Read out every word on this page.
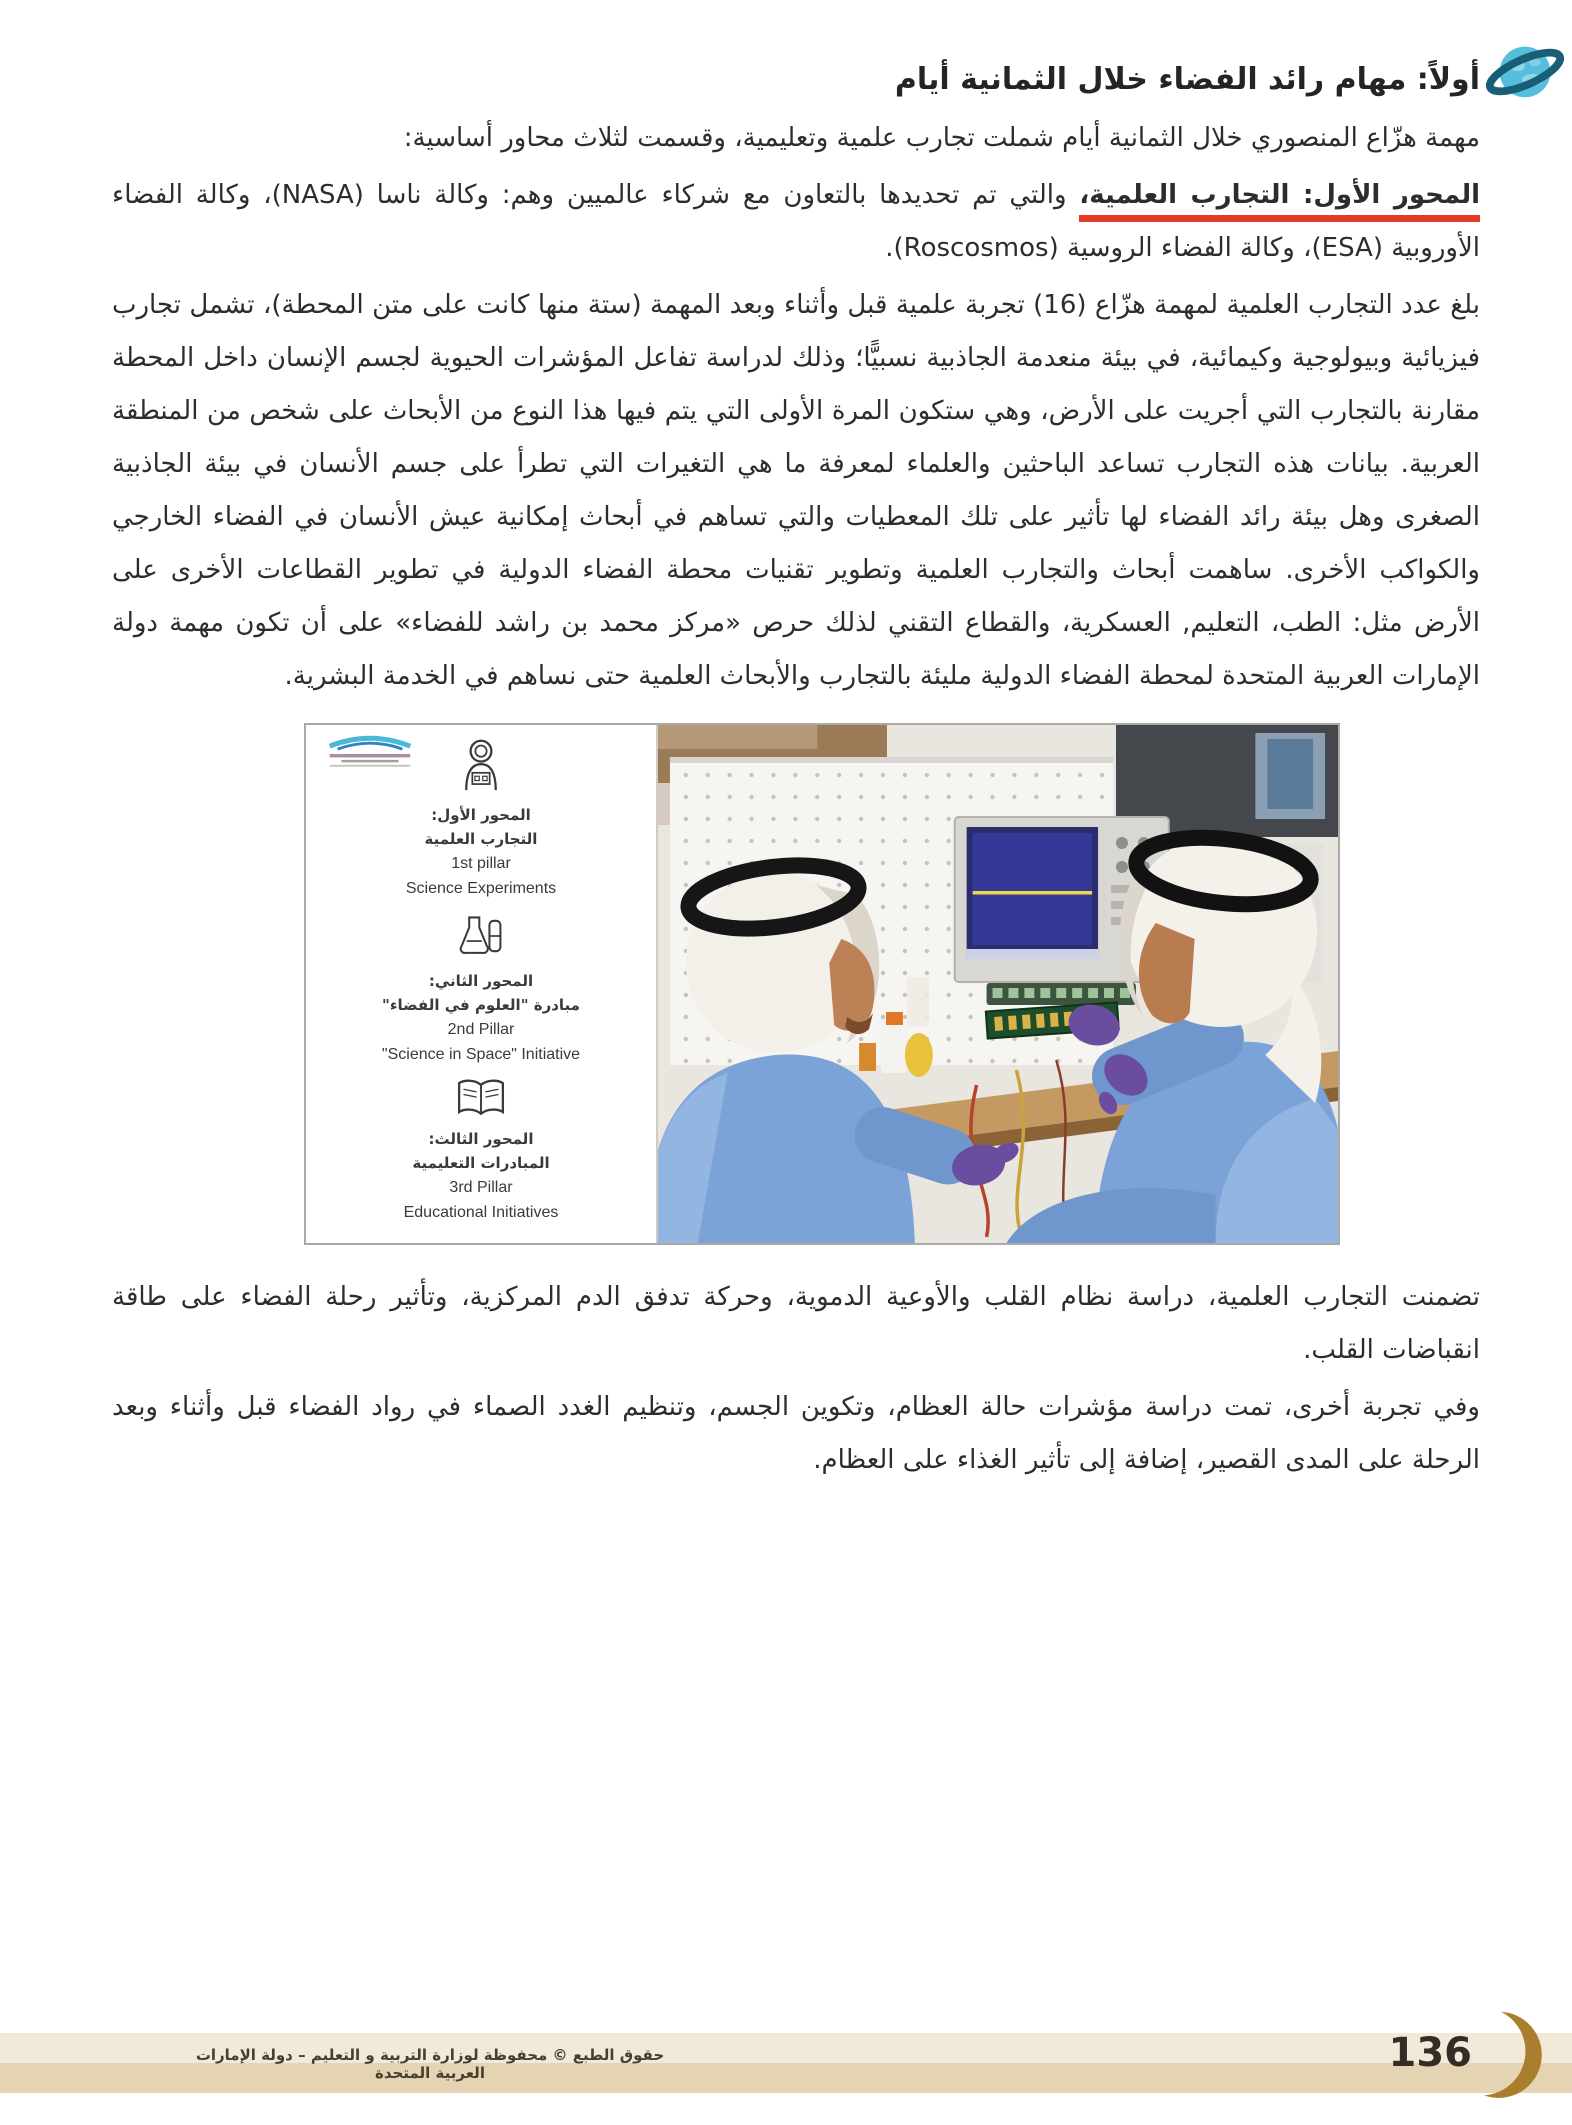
أولاً: مهام رائد الفضاء خلال الثمانية أيام

مهمة هزّاع المنصوري خلال الثمانية أيام شملت تجارب علمية وتعليمية، وقسمت لثلاث محاور أساسية:

المحور الأول: التجارب العلمية، والتي تم تحديدها بالتعاون مع شركاء عالميين وهم: وكالة ناسا (NASA)، وكالة الفضاء الأوروبية (ESA)، وكالة الفضاء الروسية (Roscosmos).

بلغ عدد التجارب العلمية لمهمة هزّاع (16) تجربة علمية قبل وأثناء وبعد المهمة (ستة منها كانت على متن المحطة)، تشمل تجارب فيزيائية وبيولوجية وكيمائية، في بيئة منعدمة الجاذبية نسبيًّا؛ وذلك لدراسة تفاعل المؤشرات الحيوية لجسم الإنسان داخل المحطة مقارنة بالتجارب التي أجريت على الأرض، وهي ستكون المرة الأولى التي يتم فيها هذا النوع من الأبحاث على شخص من المنطقة العربية. بيانات هذه التجارب تساعد الباحثين والعلماء لمعرفة ما هي التغيرات التي تطرأ على جسم الأنسان في بيئة الجاذبية الصغرى وهل بيئة رائد الفضاء لها تأثير على تلك المعطيات والتي تساهم في أبحاث إمكانية عيش الأنسان في الفضاء الخارجي والكواكب الأخرى. ساهمت أبحاث والتجارب العلمية وتطوير تقنيات محطة الفضاء الدولية في تطوير القطاعات الأخرى على الأرض مثل: الطب، التعليم, العسكرية، والقطاع التقني لذلك حرص «مركز محمد بن راشد للفضاء» على أن تكون مهمة دولة الإمارات العربية المتحدة لمحطة الفضاء الدولية مليئة بالتجارب والأبحاث العلمية حتى نساهم في الخدمة البشرية.

المحور الأول:
التجارب العلمية
1st pillar
Science Experiments
المحور الثاني:
مبادرة "العلوم في الفضاء"
2nd Pillar
"Science in Space" Initiative
المحور الثالث:
المبادرات التعليمية
3rd Pillar
Educational Initiatives

تضمنت التجارب العلمية، دراسة نظام القلب والأوعية الدموية، وحركة تدفق الدم المركزية، وتأثير رحلة الفضاء على طاقة انقباضات القلب.

وفي تجربة أخرى، تمت دراسة مؤشرات حالة العظام، وتكوين الجسم، وتنظيم الغدد الصماء في رواد الفضاء قبل وأثناء وبعد الرحلة على المدى القصير، إضافة إلى تأثير الغذاء على العظام.

حقوق الطبع © محفوظة لوزارة التربية و التعليم – دولة الإمارات العربية المتحدة	136
